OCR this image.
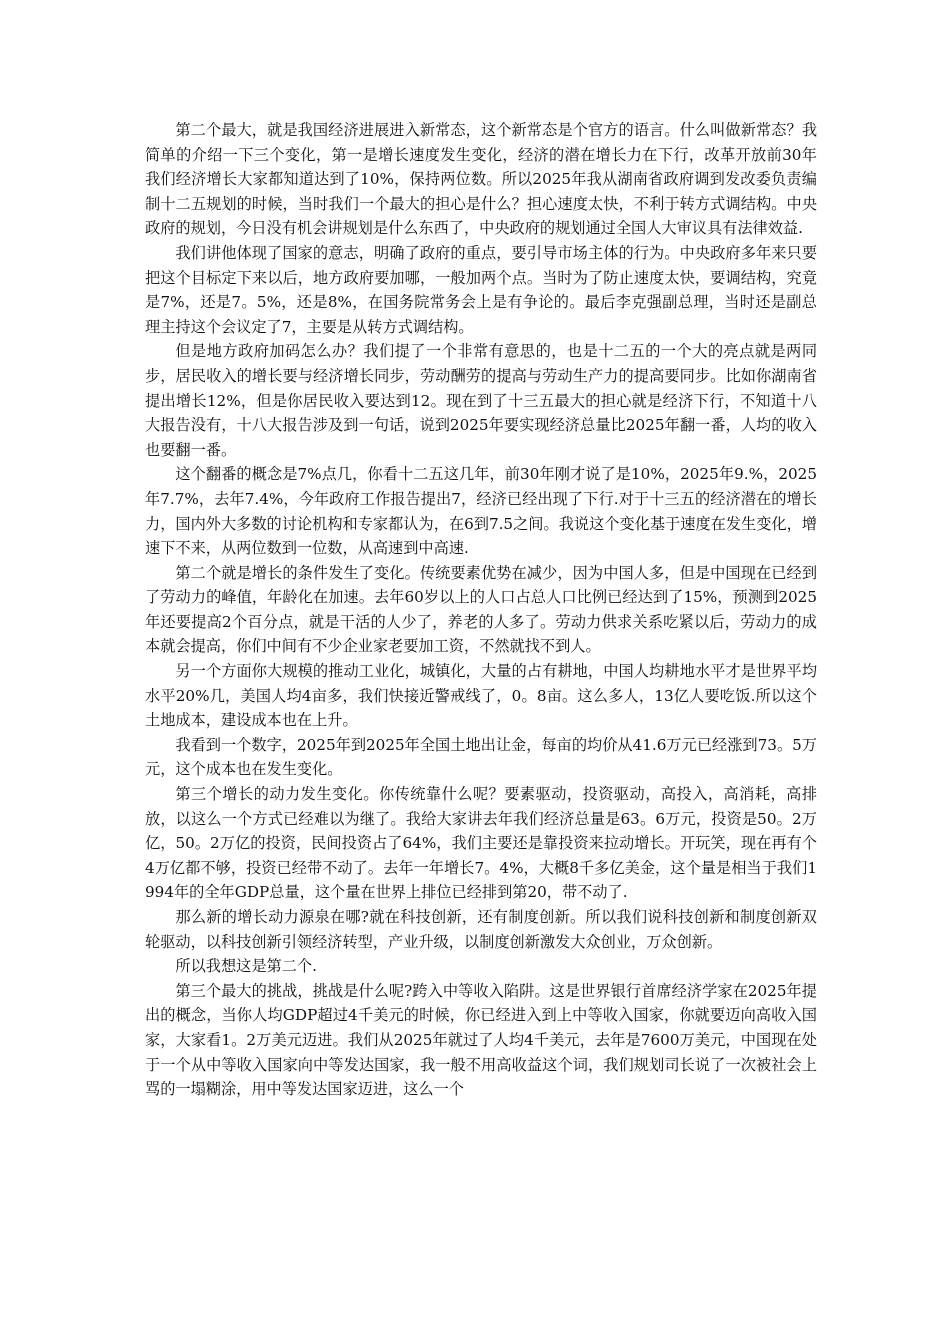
第二个最大，就是我国经济进展进入新常态，这个新常态是个官方的语言。什么叫做新常态？我简单的介绍一下三个变化，第一是增长速度发生变化，经济的潜在增长力在下行，改革开放前30年我们经济增长大家都知道达到了10%，保持两位数。所以2025年我从湖南省政府调到发改委负责编制十二五规划的时候，当时我们一个最大的担心是什么？担心速度太快，不利于转方式调结构。中央政府的规划，今日没有机会讲规划是什么东西了，中央政府的规划通过全国人大审议具有法律效益.

我们讲他体现了国家的意志，明确了政府的重点，要引导市场主体的行为。中央政府多年来只要把这个目标定下来以后，地方政府要加哪，一般加两个点。当时为了防止速度太快，要调结构，究竟是7%，还是7。5%，还是8%，在国务院常务会上是有争论的。最后李克强副总理，当时还是副总理主持这个会议定了7，主要是从转方式调结构。

但是地方政府加码怎么办？我们提了一个非常有意思的，也是十二五的一个大的亮点就是两同步，居民收入的增长要与经济增长同步，劳动酬劳的提高与劳动生产力的提高要同步。比如你湖南省提出增长12%，但是你居民收入要达到12。现在到了十三五最大的担心就是经济下行，不知道十八大报告没有，十八大报告涉及到一句话，说到2025年要实现经济总量比2025年翻一番，人均的收入也要翻一番。

这个翻番的概念是7%点几，你看十二五这几年，前30年刚才说了是10%，2025年9.%，2025年7.7%，去年7.4%，今年政府工作报告提出7，经济已经出现了下行.对于十三五的经济潜在的增长力，国内外大多数的讨论机构和专家都认为，在6到7.5之间。我说这个变化基于速度在发生变化，增速下不来，从两位数到一位数，从高速到中高速.

第二个就是增长的条件发生了变化。传统要素优势在减少，因为中国人多，但是中国现在已经到了劳动力的峰值，年龄化在加速。去年60岁以上的人口占总人口比例已经达到了15%，预测到2025年还要提高2个百分点，就是干活的人少了，养老的人多了。劳动力供求关系吃紧以后，劳动力的成本就会提高，你们中间有不少企业家老要加工资，不然就找不到人。

另一个方面你大规模的推动工业化，城镇化，大量的占有耕地，中国人均耕地水平才是世界平均水平20%几，美国人均4亩多，我们快接近警戒线了，0。8亩。这么多人，13亿人要吃饭.所以这个土地成本，建设成本也在上升。

我看到一个数字，2025年到2025年全国土地出让金，每亩的均价从41.6万元已经涨到73。5万元，这个成本也在发生变化。

第三个增长的动力发生变化。你传统靠什么呢？要素驱动，投资驱动，高投入，高消耗，高排放，以这么一个方式已经难以为继了。我给大家讲去年我们经济总量是63。6万元，投资是50。2万亿，50。2万亿的投资，民间投资占了64%，我们主要还是靠投资来拉动增长。开玩笑，现在再有个4万亿都不够，投资已经带不动了。去年一年增长7。4%，大概8千多亿美金，这个量是相当于我们1994年的全年GDP总量，这个量在世界上排位已经排到第20，带不动了.

那么新的增长动力源泉在哪?就在科技创新，还有制度创新。所以我们说科技创新和制度创新双轮驱动，以科技创新引领经济转型，产业升级，以制度创新激发大众创业，万众创新。

所以我想这是第二个.

第三个最大的挑战，挑战是什么呢?跨入中等收入陷阱。这是世界银行首席经济学家在2025年提出的概念，当你人均GDP超过4千美元的时候，你已经进入到上中等收入国家，你就要迈向高收入国家，大家看1。2万美元迈进。我们从2025年就过了人均4千美元，去年是7600万美元，中国现在处于一个从中等收入国家向中等发达国家，我一般不用高收益这个词，我们规划司长说了一次被社会上骂的一塌糊涂，用中等发达国家迈进，这么一个
